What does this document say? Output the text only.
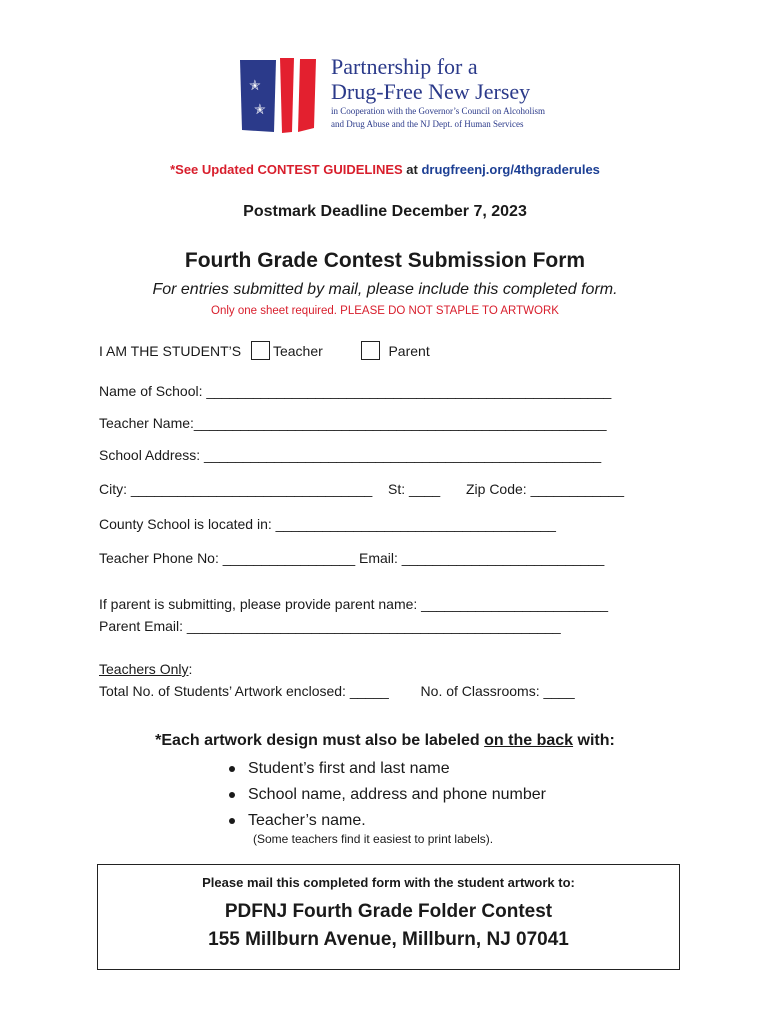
✭
✭
Partnership for a
Drug-Free New Jersey
in Cooperation with the Governor’s Council on Alcoholism
and Drug Abuse and the NJ Dept. of Human Services
*See Updated CONTEST GUIDELINES at drugfreenj.org/4thgraderules
Postmark Deadline December 7, 2023
Fourth Grade Contest Submission Form
For entries submitted by mail, please include this completed form.
Only one sheet required. PLEASE DO NOT STAPLE TO ARTWORK
I AM THE STUDENT’S Teacher	Parent
Name of School: ____________________________________________________
Teacher Name:_____________________________________________________
School Address: ___________________________________________________
City: _______________________________ St: ____ Zip Code: ____________
County School is located in: ____________________________________
Teacher Phone No: _________________ Email: __________________________
If parent is submitting, please provide parent name: ________________________
Parent Email: ________________________________________________
Teachers Only:
Total No. of Students’ Artwork enclosed: _____ No. of Classrooms: ____
*Each artwork design must also be labeled on the back with:
Student’s first and last name
School name, address and phone number
Teacher’s name.
(Some teachers find it easiest to print labels).
Please mail this completed form with the student artwork to:
PDFNJ Fourth Grade Folder Contest
155 Millburn Avenue, Millburn, NJ 07041
